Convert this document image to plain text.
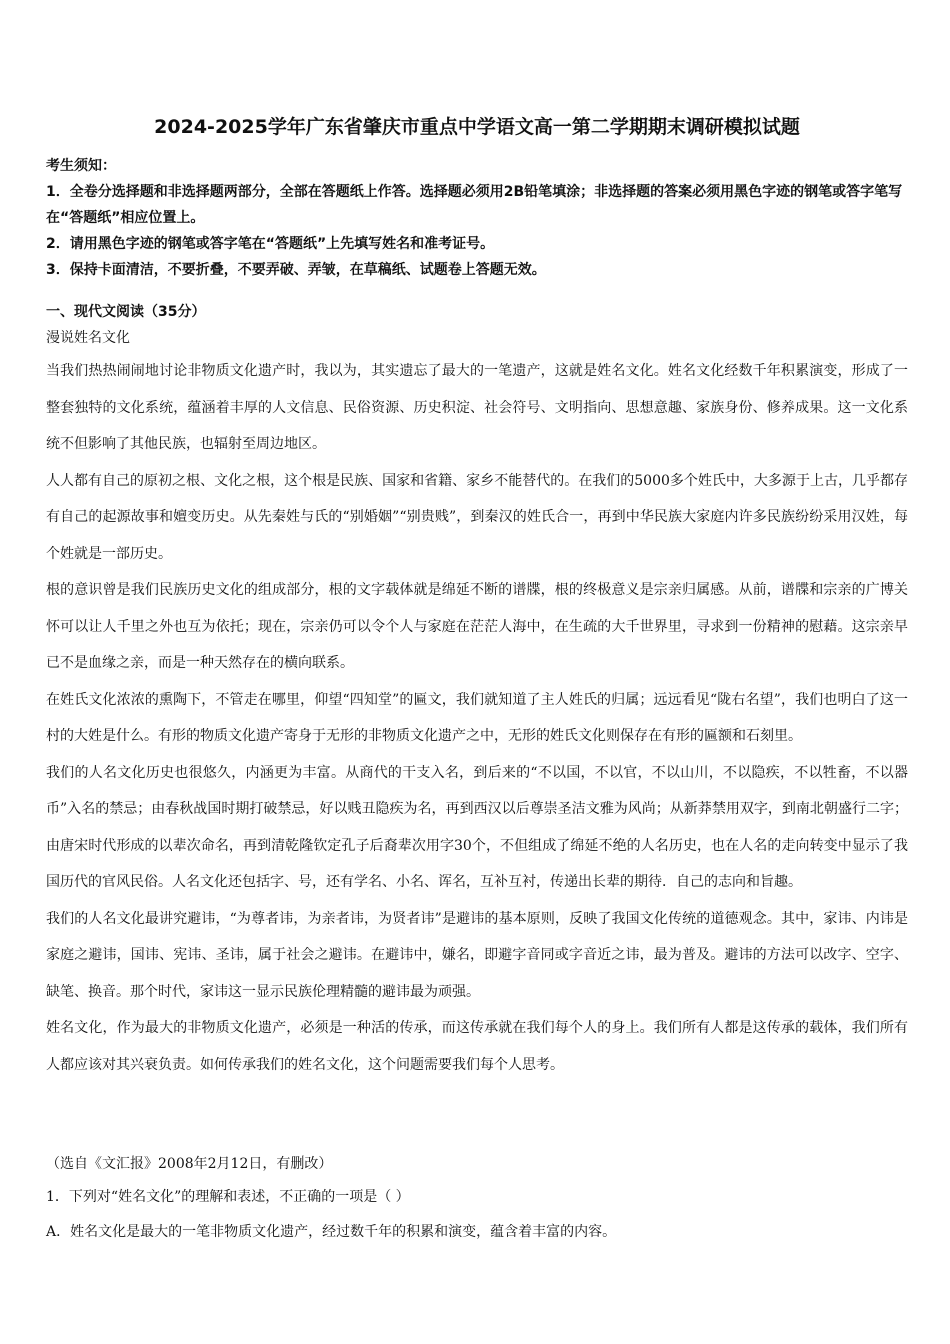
2024-2025学年广东省肇庆市重点中学语文高一第二学期期末调研模拟试题
考生须知：
1．全卷分选择题和非选择题两部分，全部在答题纸上作答。选择题必须用2B铅笔填涂；非选择题的答案必须用黑色字迹的钢笔或答字笔写在“答题纸”相应位置上。
2．请用黑色字迹的钢笔或答字笔在“答题纸”上先填写姓名和准考证号。
3．保持卡面清洁，不要折叠，不要弄破、弄皱，在草稿纸、试题卷上答题无效。
一、现代文阅读（35分）
漫说姓名文化

当我们热热闹闹地讨论非物质文化遗产时，我以为，其实遗忘了最大的一笔遗产，这就是姓名文化。姓名文化经数千年积累演变，形成了一整套独特的文化系统，蕴涵着丰厚的人文信息、民俗资源、历史积淀、社会符号、文明指向、思想意趣、家族身份、修养成果。这一文化系统不但影响了其他民族，也辐射至周边地区。

人人都有自己的原初之根、文化之根，这个根是民族、国家和省籍、家乡不能替代的。在我们的5000多个姓氏中，大多源于上古，几乎都存有自己的起源故事和嬗变历史。从先秦姓与氏的“别婚姻”“别贵贱”，到秦汉的姓氏合一，再到中华民族大家庭内许多民族纷纷采用汉姓，每个姓就是一部历史。

根的意识曾是我们民族历史文化的组成部分，根的文字载体就是绵延不断的谱牒，根的终极意义是宗亲归属感。从前，谱牒和宗亲的广博关怀可以让人千里之外也互为依托；现在，宗亲仍可以令个人与家庭在茫茫人海中，在生疏的大千世界里，寻求到一份精神的慰藉。这宗亲早已不是血缘之亲，而是一种天然存在的横向联系。

在姓氏文化浓浓的熏陶下，不管走在哪里，仰望“四知堂”的匾文，我们就知道了主人姓氏的归属；远远看见“陇右名望”，我们也明白了这一村的大姓是什么。有形的物质文化遗产寄身于无形的非物质文化遗产之中，无形的姓氏文化则保存在有形的匾额和石刻里。

我们的人名文化历史也很悠久，内涵更为丰富。从商代的干支入名，到后来的“不以国，不以官，不以山川，不以隐疾，不以牲畜，不以器币”入名的禁忌；由春秋战国时期打破禁忌，好以贱丑隐疾为名，再到西汉以后尊崇圣洁文雅为风尚；从新莽禁用双字，到南北朝盛行二字；由唐宋时代形成的以辈次命名，再到清乾隆钦定孔子后裔辈次用字30个，不但组成了绵延不绝的人名历史，也在人名的走向转变中显示了我国历代的官风民俗。人名文化还包括字、号，还有学名、小名、诨名，互补互衬，传递出长辈的期待．自己的志向和旨趣。

我们的人名文化最讲究避讳，“为尊者讳，为亲者讳，为贤者讳”是避讳的基本原则，反映了我国文化传统的道德观念。其中，家讳、内讳是家庭之避讳，国讳、宪讳、圣讳，属于社会之避讳。在避讳中，嫌名，即避字音同或字音近之讳，最为普及。避讳的方法可以改字、空字、缺笔、换音。那个时代，家讳这一显示民族伦理精髓的避讳最为顽强。

姓名文化，作为最大的非物质文化遗产，必须是一种活的传承，而这传承就在我们每个人的身上。我们所有人都是这传承的载体，我们所有人都应该对其兴衰负责。如何传承我们的姓名文化，这个问题需要我们每个人思考。

（选自《文汇报》2008年2月12日，有删改）
1．下列对“姓名文化”的理解和表述，不正确的一项是（ ）
A．姓名文化是最大的一笔非物质文化遗产，经过数千年的积累和演变，蕴含着丰富的内容。
